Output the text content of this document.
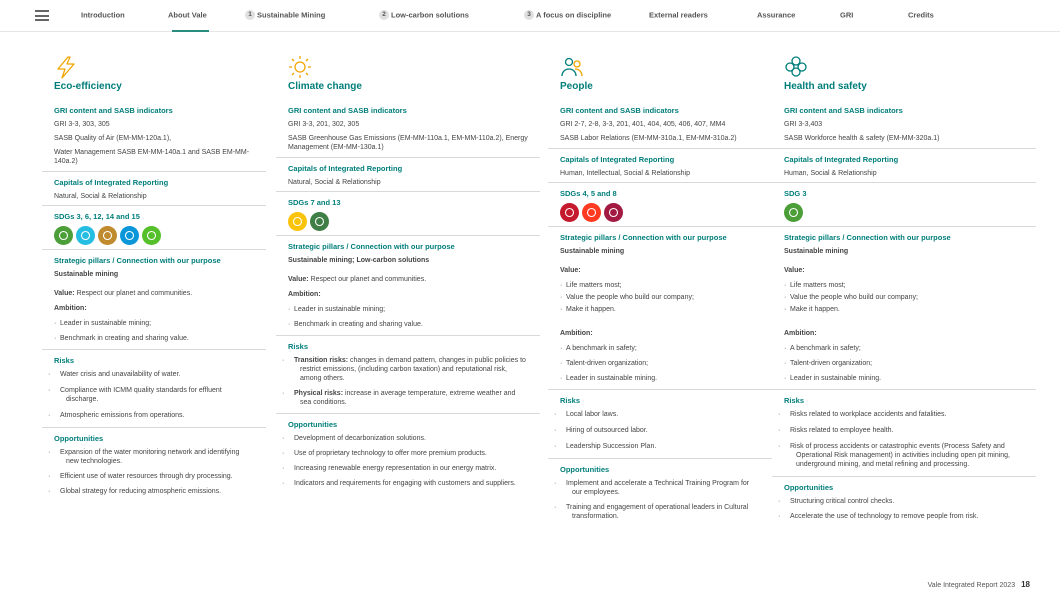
Introduction	About Vale	1 Sustainable Mining	2 Low-carbon solutions	3 A focus on discipline	External readers	Assurance	GRI	Credits
Eco-efficiency
GRI content and SASB indicators
GRI 3-3, 303, 305
SASB Quality of Air (EM-MM-120a.1),
Water Management SASB EM-MM-140a.1 and SASB EM-MM-140a.2)
Capitals of Integrated Reporting
Natural, Social & Relationship
SDGs 3, 6, 12, 14 and 15
Strategic pillars / Connection with our purpose
Sustainable mining
Value: Respect our planet and communities.
Ambition:
· Leader in sustainable mining;
· Benchmark in creating and sharing value.
Risks
· Water crisis and unavailability of water.
· Compliance with ICMM quality standards for effluent discharge.
· Atmospheric emissions from operations.
Opportunities
· Expansion of the water monitoring network and identifying new technologies.
· Efficient use of water resources through dry processing.
· Global strategy for reducing atmospheric emissions.
Climate change
GRI content and SASB indicators
GRI 3-3, 201, 302, 305
SASB Greenhouse Gas Emissions (EM-MM-110a.1, EM-MM-110a.2), Energy Management (EM-MM-130a.1)
Capitals of Integrated Reporting
Natural, Social & Relationship
SDGs 7 and 13
Strategic pillars / Connection with our purpose
Sustainable mining; Low-carbon solutions
Value: Respect our planet and communities.
Ambition:
· Leader in sustainable mining;
· Benchmark in creating and sharing value.
Risks
· Transition risks: changes in demand pattern, changes in public policies to restrict emissions, (including carbon taxation) and reputational risk, among others.
· Physical risks: increase in average temperature, extreme weather and sea conditions.
Opportunities
· Development of decarbonization solutions.
· Use of proprietary technology to offer more premium products.
· Increasing renewable energy representation in our energy matrix.
· Indicators and requirements for engaging with customers and suppliers.
People
GRI content and SASB indicators
GRI 2-7, 2-8, 3-3, 201, 401, 404, 405, 406, 407, MM4
SASB Labor Relations (EM-MM-310a.1, EM-MM-310a.2)
Capitals of Integrated Reporting
Human, Intellectual, Social & Relationship
SDGs 4, 5 and 8
Strategic pillars / Connection with our purpose
Sustainable mining
Value:
· Life matters most;
· Value the people who build our company;
· Make it happen.
Ambition:
· A benchmark in safety;
· Talent-driven organization;
· Leader in sustainable mining.
Risks
· Local labor laws.
· Hiring of outsourced labor.
· Leadership Succession Plan.
Opportunities
· Implement and accelerate a Technical Training Program for our employees.
· Training and engagement of operational leaders in Cultural transformation.
Health and safety
GRI content and SASB indicators
GRI 3-3,403
SASB Workforce health & safety (EM-MM-320a.1)
Capitals of Integrated Reporting
Human, Social & Relationship
SDG 3
Strategic pillars / Connection with our purpose
Sustainable mining
Value:
· Life matters most;
· Value the people who build our company;
· Make it happen.
Ambition:
· A benchmark in safety;
· Talent-driven organization;
· Leader in sustainable mining.
Risks
· Risks related to workplace accidents and fatalities.
· Risks related to employee health.
· Risk of process accidents or catastrophic events (Process Safety and Operational Risk management) in activities including open pit mining, underground mining, and metal refining and processing.
Opportunities
· Structuring critical control checks.
· Accelerate the use of technology to remove people from risk.
Vale Integrated Report 2023 18
